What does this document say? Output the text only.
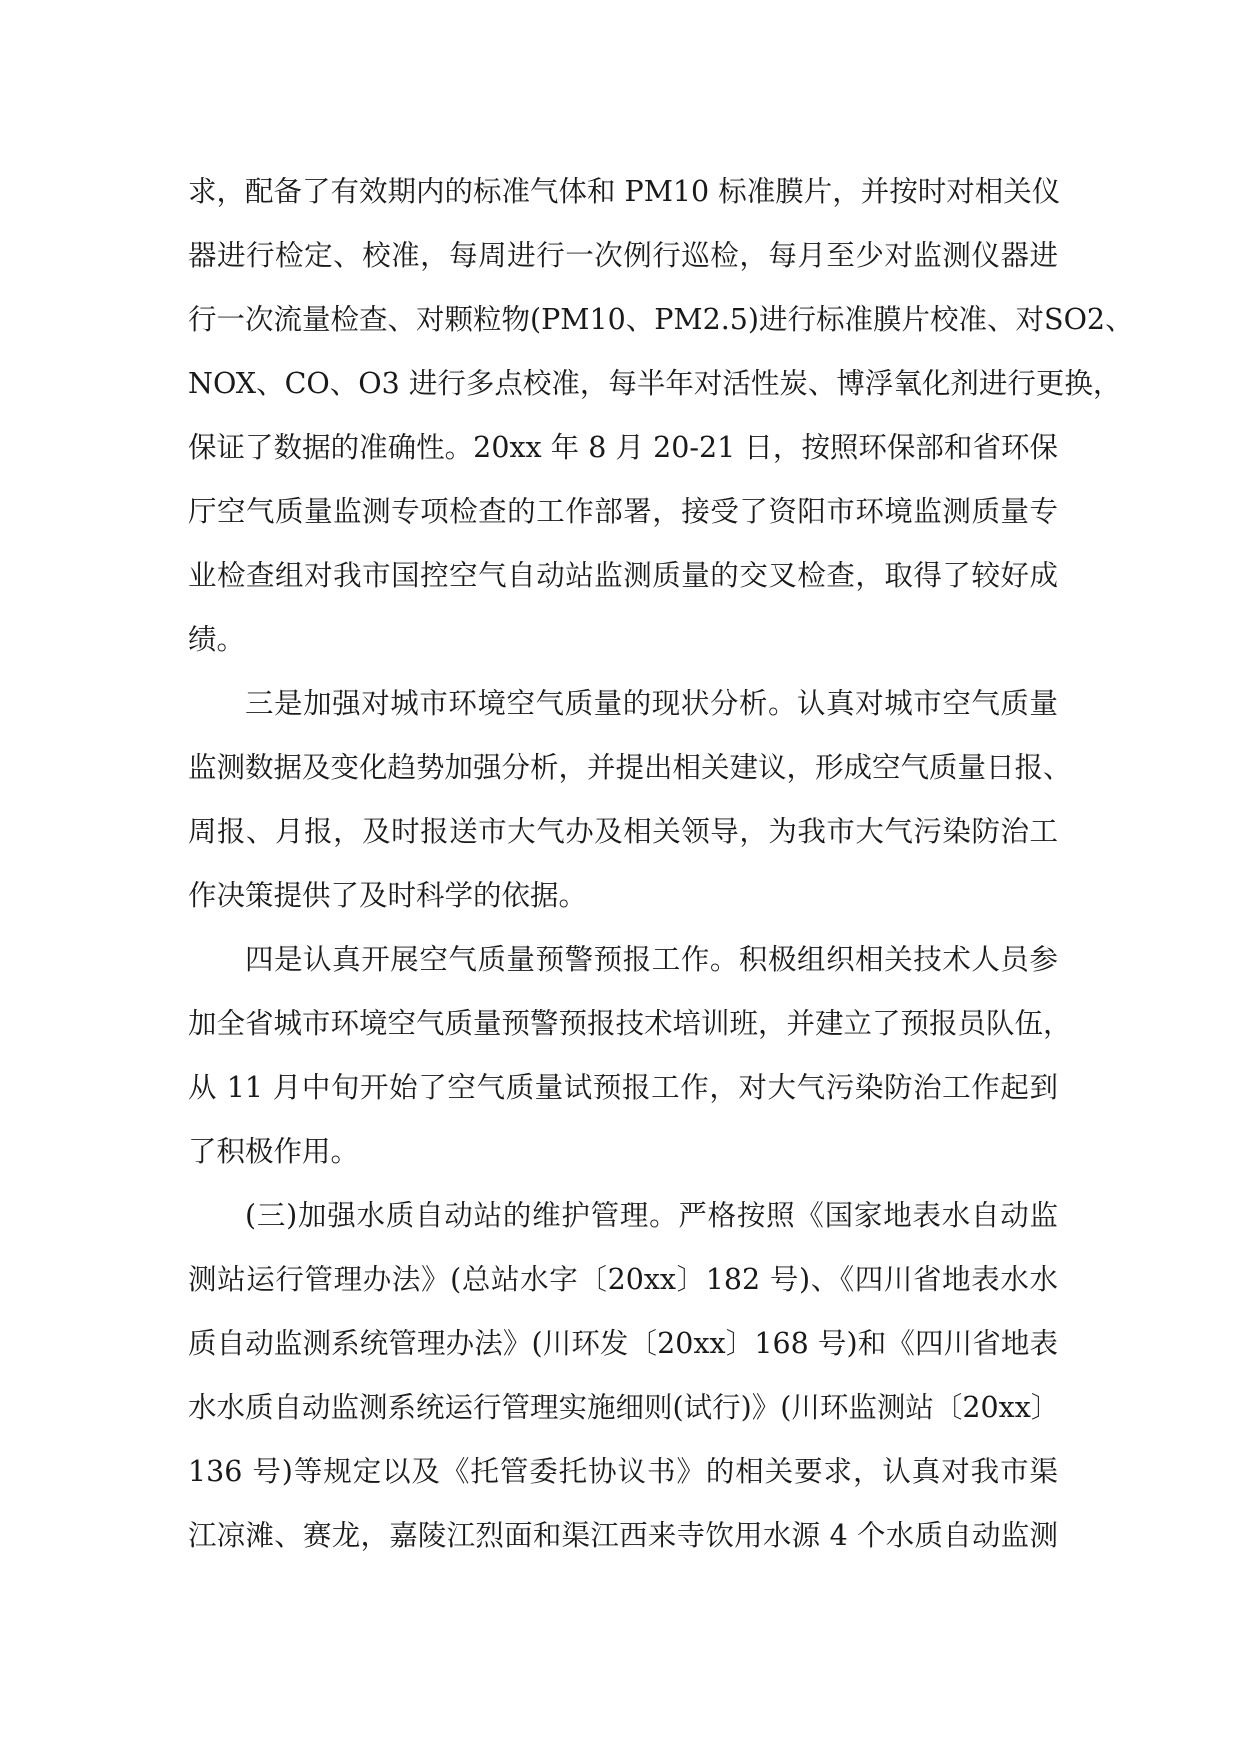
求，配备了有效期内的标准气体和 PM10 标准膜片，并按时对相关仪
器进行检定、校准，每周进行一次例行巡检，每月至少对监测仪器进
行一次流量检查、对颗粒物(PM10、PM2.5)进行标准膜片校准、对SO2、
NOX、CO、O3 进行多点校准，每半年对活性炭、博浮氧化剂进行更换，
保证了数据的准确性。20xx 年 8 月 20-21 日，按照环保部和省环保
厅空气质量监测专项检查的工作部署，接受了资阳市环境监测质量专
业检查组对我市国控空气自动站监测质量的交叉检查，取得了较好成
绩。
三是加强对城市环境空气质量的现状分析。认真对城市空气质量
监测数据及变化趋势加强分析，并提出相关建议，形成空气质量日报、
周报、月报，及时报送市大气办及相关领导，为我市大气污染防治工
作决策提供了及时科学的依据。
四是认真开展空气质量预警预报工作。积极组织相关技术人员参
加全省城市环境空气质量预警预报技术培训班，并建立了预报员队伍，
从 11 月中旬开始了空气质量试预报工作，对大气污染防治工作起到
了积极作用。
(三)加强水质自动站的维护管理。严格按照《国家地表水自动监
测站运行管理办法》(总站水字〔20xx〕182 号)、《四川省地表水水
质自动监测系统管理办法》(川环发〔20xx〕168 号)和《四川省地表
水水质自动监测系统运行管理实施细则(试行)》(川环监测站〔20xx〕
136 号)等规定以及《托管委托协议书》的相关要求，认真对我市渠
江凉滩、赛龙，嘉陵江烈面和渠江西来寺饮用水源 4 个水质自动监测
